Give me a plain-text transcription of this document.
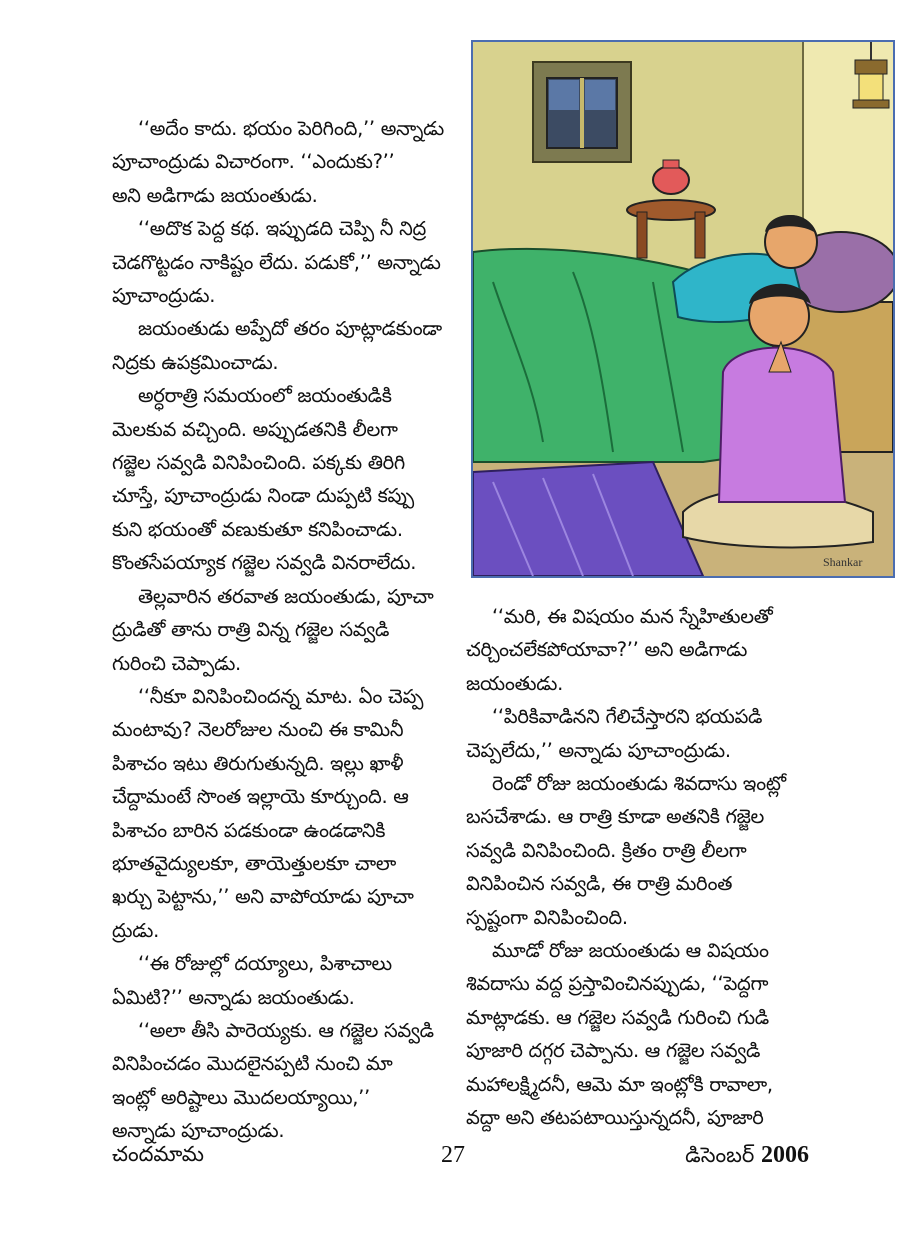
‘‘అదేం కాదు. భయం పెరిగింది,’’ అన్నాడు
పూచాంద్రుడు విచారంగా. ‘‘ఎందుకు?’’
అని అడిగాడు జయంతుడు.

‘‘అదొక పెద్ద కథ. ఇప్పుడది చెప్పి నీ నిద్ర
చెడగొట్టడం నాకిష్టం లేదు. పడుకో,’’ అన్నాడు
పూచాంద్రుడు.

జయంతుడు అప్పేదో తరం పూట్లాడకుండా
నిద్రకు ఉపక్రమించాడు.

అర్ధరాత్రి సమయంలో జయంతుడికి
మెలకువ వచ్చింది. అప్పుడతనికి లీలగా
గజ్జెల సవ్వడి వినిపించింది. పక్కకు తిరిగి
చూస్తే, పూచాంద్రుడు నిండా దుప్పటి కప్పు
కుని భయంతో వణుకుతూ కనిపించాడు.
కొంతసేపయ్యాక గజ్జెల సవ్వడి వినరాలేదు.

తెల్లవారిన తరవాత జయంతుడు, పూచా
ద్రుడితో తాను రాత్రి విన్న గజ్జెల సవ్వడి
గురించి చెప్పాడు.

‘‘నీకూ వినిపించిందన్న మాట. ఏం చెప్ప
మంటావు? నెలరోజుల నుంచి ఈ కామినీ
పిశాచం ఇటు తిరుగుతున్నది. ఇల్లు ఖాళీ
చేద్దామంటే సొంత ఇల్లాయె కూర్చుంది. ఆ
పిశాచం బారిన పడకుండా ఉండడానికి
భూతవైద్యులకూ, తాయెత్తులకూ చాలా
ఖర్చు పెట్టాను,’’ అని వాపోయాడు పూచా
ద్రుడు.

‘‘ఈ రోజుల్లో దయ్యాలు, పిశాచాలు
ఏమిటి?’’ అన్నాడు జయంతుడు.

‘‘అలా తీసి పారెయ్యకు. ఆ గజ్జెల సవ్వడి
వినిపించడం మొదలైనప్పటి నుంచి మా
ఇంట్లో అరిష్టాలు మొదలయ్యాయి,’’
అన్నాడు పూచాంద్రుడు.

‘‘మరి, ఈ విషయం మన స్నేహితులతో
చర్చించలేకపోయావా?’’ అని అడిగాడు
జయంతుడు.

‘‘పిరికివాడినని గేలిచేస్తారని భయపడి
చెప్పలేదు,’’ అన్నాడు పూచాంద్రుడు.

రెండో రోజు జయంతుడు శివదాసు ఇంట్లో
బసచేశాడు. ఆ రాత్రి కూడా అతనికి గజ్జెల
సవ్వడి వినిపించింది. క్రితం రాత్రి లీలగా
వినిపించిన సవ్వడి, ఈ రాత్రి మరింత
స్పష్టంగా వినిపించింది.

మూడో రోజు జయంతుడు ఆ విషయం
శివదాసు వద్ద ప్రస్తావించినప్పుడు, ‘‘పెద్దగా
మాట్లాడకు. ఆ గజ్జెల సవ్వడి గురించి గుడి
పూజారి దగ్గర చెప్పాను. ఆ గజ్జెల సవ్వడి
మహాలక్ష్మిదనీ, ఆమె మా ఇంట్లోకి రావాలా,
వద్దా అని తటపటాయిస్తున్నదనీ, పూజారి

Shankar
చందమామ	27	డిసెంబర్ 2006
